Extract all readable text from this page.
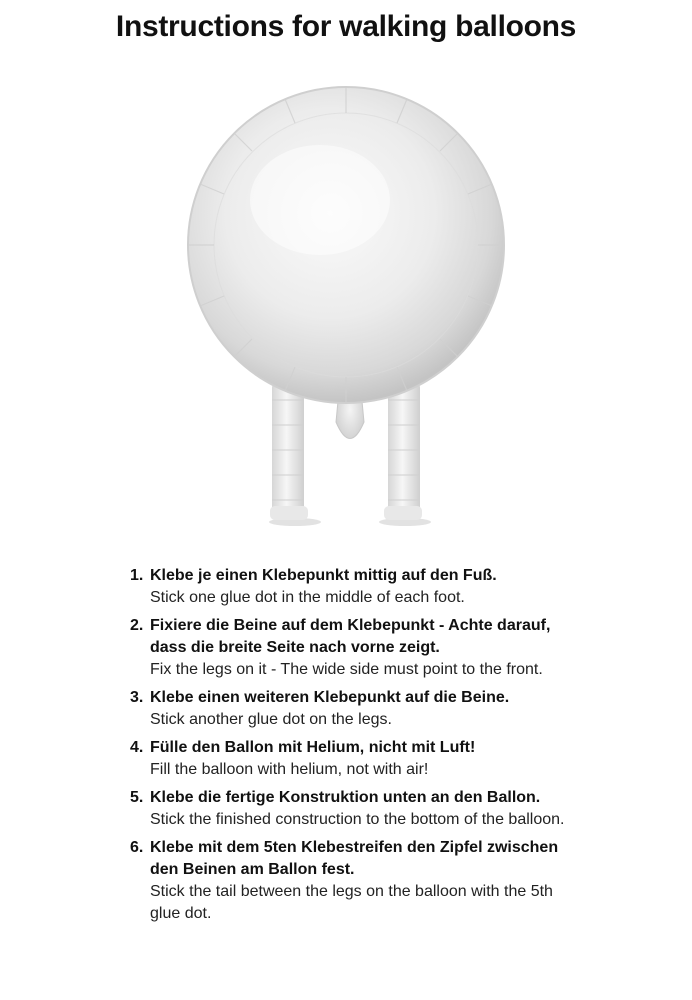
Instructions for walking balloons
1. Klebe je einen Klebepunkt mittig auf den Fuß.
Stick one glue dot in the middle of each foot.
2. Fixiere die Beine auf dem Klebepunkt - Achte darauf, dass die breite Seite nach vorne zeigt.
Fix the legs on it - The wide side must point to the front.
3. Klebe einen weiteren Klebepunkt auf die Beine.
Stick another glue dot on the legs.
4. Fülle den Ballon mit Helium, nicht mit Luft!
Fill the balloon with helium, not with air!
5. Klebe die fertige Konstruktion unten an den Ballon.
Stick the finished construction to the bottom of the balloon.
6. Klebe mit dem 5ten Klebestreifen den Zipfel zwischen den Beinen am Ballon fest.
Stick the tail between the legs on the balloon with the 5th glue dot.
